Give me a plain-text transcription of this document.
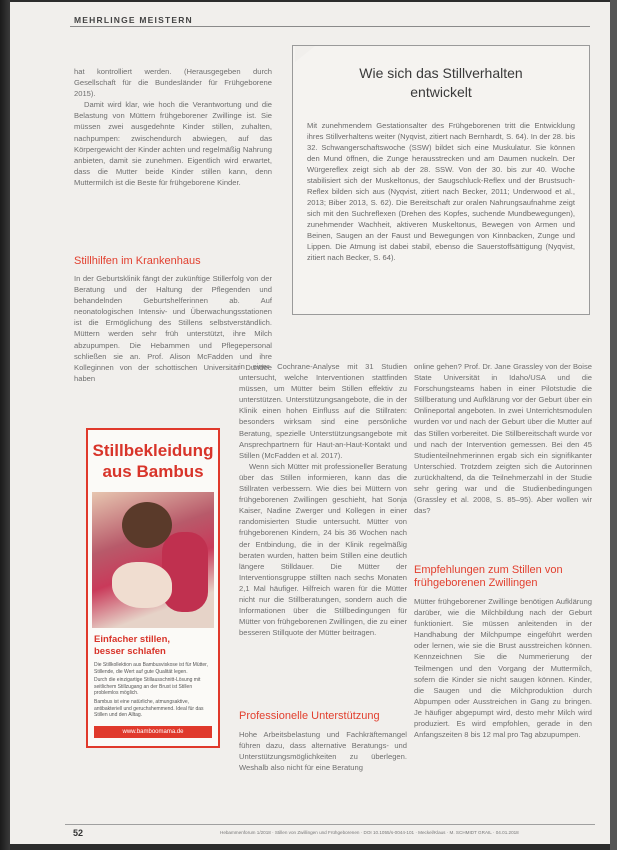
MEHRLINGE MEISTERN

hat kontrolliert werden. (Herausgegeben durch Gesellschaft für die Bundesländer für Frühgeborene 2015).

Damit wird klar, wie hoch die Verantwortung und die Belastung von Müttern frühgeborener Zwillinge ist. Sie müssen zwei ausgedehnte Kinder stillen, zuhalten, nachpumpen: zwischendurch abwiegen, auf das Körpergewicht der Kinder achten und regelmäßig Nahrung anbieten, damit sie zunehmen. Eigentlich wird erwartet, dass die Mutter beide Kinder stillen kann, denn Muttermilch ist die Beste für frühgeborene Kinder.

Stillhilfen im Krankenhaus

In der Geburtsklinik fängt der zukünftige Stillerfolg von der Beratung und der Haltung der Pflegenden und behandelnden Geburtshelferinnen ab. Auf neonatologischen Intensiv- und Überwachungsstationen ist die Ermöglichung des Stillens selbstverständlich. Müttern werden sehr früh unterstützt, ihre Milch abzupumpen. Die Hebammen und Pflegepersonal schließen sie an. Prof. Alison McFadden und ihre Kolleginnen von der schottischen Universität Dundee haben

Wie sich das Stillverhalten
entwickelt
Mit zunehmendem Gestationsalter des Frühgeborenen tritt die Entwicklung ihres Stillverhaltens weiter (Nyqvist, zitiert nach Bernhardt, S. 64). In der 28. bis 32. Schwangerschaftswoche (SSW) bildet sich eine Muskulatur. Sie können den Mund öffnen, die Zunge herausstrecken und am Daumen nuckeln. Der Würgereflex zeigt sich ab der 28. SSW. Von der 30. bis zur 40. Woche stabilisiert sich der Muskeltonus, der Saugschluck-Reflex und der Brustsuch-Reflex bilden sich aus (Nyqvist, zitiert nach Becker, 2011; Underwood et al., 2013; Biber 2013, S. 62). Die Bereitschaft zur oralen Nahrungsaufnahme zeigt sich mit den Suchreflexen (Drehen des Kopfes, suchende Mundbewegungen), zunehmender Wachheit, aktiveren Muskeltonus, Bewegen von Armen und Beinen, Saugen an der Faust und Bewegungen von Kinnbacken, Zunge und Lippen. Die Atmung ist dabei stabil, ebenso die Sauerstoffsättigung (Nyqvist, zitiert nach Becker, S. 64).
Stillbekleidung
aus Bambus
Einfacher stillen,
besser schlafen

Die Stillkollektion aus Bambusviskose ist für Mütter, Stillende, die Wert auf gute Qualität legen.

Durch die einzigartige Stillausschnitt-Lösung mit seitlichem Stillzugang an der Brust ist Stillen problemlos möglich.

Bambus ist eine natürliche, atmungsaktive, antibakteriell und geruchshemmend. Ideal für das Stillen und den Alltag.

www.bamboomama.de

in einer Cochrane-Analyse mit 31 Studien untersucht, welche Interventionen stattfinden müssen, um Mütter beim Stillen effektiv zu unterstützen. Unterstützungsangebote, die in der Klinik einen hohen Einfluss auf die Stillraten: besonders wirksam sind eine persönliche Beratung, spezielle Unterstützungsangebote mit Ansprechpartnern für Haut-an-Haut-Kontakt und Stillen (McFadden et al. 2017).

Wenn sich Mütter mit professioneller Beratung über das Stillen informieren, kann das die Stillraten verbessern. Wie dies bei Müttern von frühgeborenen Zwillingen geschieht, hat Sonja Kaiser, Nadine Zwerger und Kollegen in einer randomisierten Studie untersucht. Mütter von frühgeborenen Kindern, 24 bis 36 Wochen nach der Entbindung, die in der Klinik regelmäßig beraten wurden, hatten beim Stillen eine deutlich längere Stilldauer. Die Mütter der Interventionsgruppe stillten nach sechs Monaten 2,1 Mal häufiger. Hilfreich waren für die Mütter nicht nur die Stillberatungen, sondern auch die Informationen über die Stillbedingungen für Mütter von frühgeborenen Zwillingen, die zu einer besseren Stillquote der Mütter beitragen.

Professionelle Unterstützung

Hohe Arbeitsbelastung und Fachkräftemangel führen dazu, dass alternative Beratungs- und Unterstützungsmöglichkeiten zu überlegen. Weshalb also nicht für eine Beratung

online gehen? Prof. Dr. Jane Grassley von der Boise State Universität in Idaho/USA und die Forschungsteams haben in einer Pilotstudie die Stillberatung und Aufklärung vor der Geburt über ein Onlineportal angeboten. In zwei Unterrichtsmodulen wurden vor und nach der Geburt über die Mutter auf das Stillen vorbereitet. Die Stillbereitschaft wurde vor und nach der Intervention gemessen. Bei den 45 Studienteilnehmerinnen ergab sich ein signifikanter Unterschied. Trotzdem zeigten sich die Autorinnen zurückhaltend, da die Teilnehmerzahl in der Studie sehr gering war und die Studienbedingungen (Grassley et al. 2008, S. 85–95). Aber wollen wir das?

Empfehlungen zum Stillen von
frühgeborenen Zwillingen

Mütter frühgeborener Zwillinge benötigen Aufklärung darüber, wie die Milchbildung nach der Geburt funktioniert. Sie müssen anleitenden in der Handhabung der Milchpumpe eingeführt werden oder lernen, wie sie die Brust ausstreichen können. Kennzeichnen Sie die Nummerierung der Teilmengen und den Vorgang der Muttermilch, sofern die Kinder sie nicht saugen können. Kinder, die Saugen und die Milchproduktion durch Abpumpen oder Ausstreichen in Gang zu bringen. Je häufiger abgepumpt wird, desto mehr Milch wird produziert. Es wird empfohlen, gerade in den Anfangszeiten 8 bis 12 mal pro Tag abzupumpen.

52	Hebammenforum 1/2018 · Stillen von Zwillingen und Frühgeborenen · DOI 10.1055/s-0044-101 · Meckel/Klaus · M. SCHMIDT GRAIL · 04.01.2018
